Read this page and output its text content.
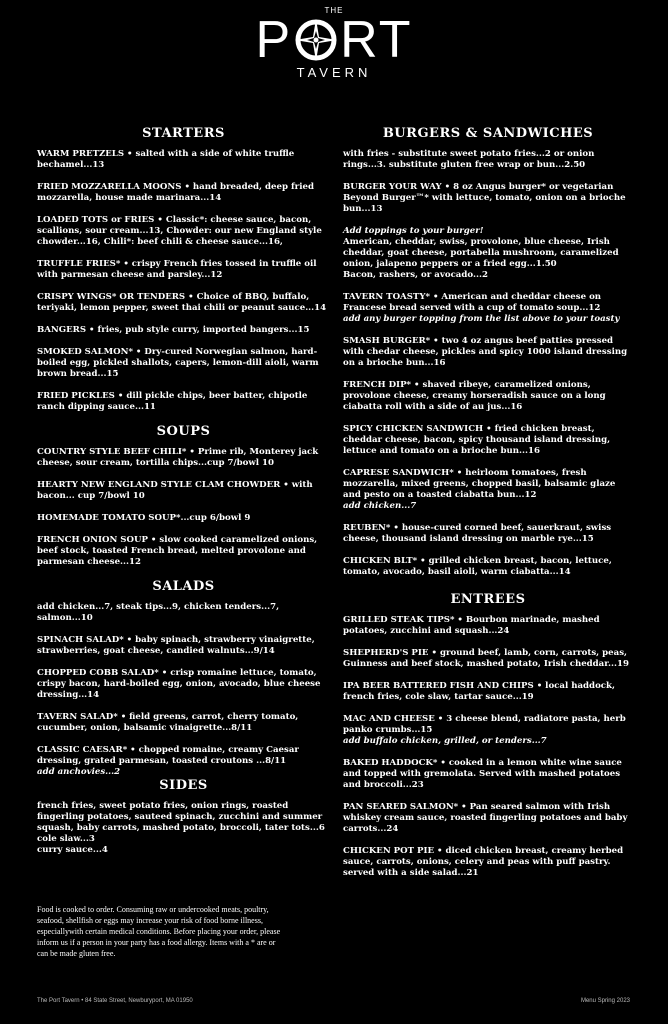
THE
P RT
TAVERN
STARTERS
WARM PRETZELS • salted with a side of white truffle bechamel...13
FRIED MOZZARELLA MOONS • hand breaded, deep fried mozzarella, house made marinara...14
LOADED TOTS or FRIES • Classic*: cheese sauce, bacon, scallions, sour cream...13, Chowder: our new England style chowder...16, Chili*: beef chili & cheese sauce...16,
TRUFFLE FRIES* • crispy French fries tossed in truffle oil with parmesan cheese and parsley...12
CRISPY WINGS* OR TENDERS • Choice of BBQ, buffalo, teriyaki, lemon pepper, sweet thai chili or peanut sauce...14
BANGERS • fries, pub style curry, imported bangers...15
SMOKED SALMON* • Dry-cured Norwegian salmon, hard-boiled egg, pickled shallots, capers, lemon-dill aioli, warm brown bread...15
FRIED PICKLES • dill pickle chips, beer batter, chipotle ranch dipping sauce...11
SOUPS
COUNTRY STYLE BEEF CHILI* • Prime rib, Monterey jack cheese, sour cream, tortilla chips...cup 7/bowl 10
HEARTY NEW ENGLAND STYLE CLAM CHOWDER • with bacon... cup 7/bowl 10
HOMEMADE TOMATO SOUP*...cup 6/bowl 9
FRENCH ONION SOUP • slow cooked caramelized onions, beef stock, toasted French bread, melted provolone and parmesan cheese...12
SALADS
add chicken...7, steak tips...9, chicken tenders...7, salmon...10
SPINACH SALAD* • baby spinach, strawberry vinaigrette, strawberries, goat cheese, candied walnuts...9/14
CHOPPED COBB SALAD* • crisp romaine lettuce, tomato, crispy bacon, hard-boiled egg, onion, avocado, blue cheese dressing...14
TAVERN SALAD* • field greens, carrot, cherry tomato, cucumber, onion, balsamic vinaigrette...8/11
CLASSIC CAESAR* • chopped romaine, creamy Caesar dressing, grated parmesan, toasted croutons ...8/11
add anchovies...2
SIDES
french fries, sweet potato fries, onion rings, roasted fingerling potatoes, sauteed spinach, zucchini and summer squash, baby carrots, mashed potato, broccoli, tater tots...6
cole slaw...3
curry sauce...4
Food is cooked to order. Consuming raw or undercooked meats, poultry, seafood, shellfish or eggs may increase your risk of food borne illness, especiallywith certain medical conditions. Before placing your order, please inform us if a person in your party has a food allergy. Items with a * are or can be made gluten free.
BURGERS & SANDWICHES
with fries - substitute sweet potato fries...2 or onion rings...3. substitute gluten free wrap or bun...2.50
BURGER YOUR WAY • 8 oz Angus burger* or vegetarian Beyond Burger™* with lettuce, tomato, onion on a brioche bun...13
Add toppings to your burger!
American, cheddar, swiss, provolone, blue cheese, Irish cheddar, goat cheese, portabella mushroom, caramelized onion, jalapeno peppers or a fried egg...1.50
Bacon, rashers, or avocado...2
TAVERN TOASTY* • American and cheddar cheese on Francese bread served with a cup of tomato soup...12
add any burger topping from the list above to your toasty
SMASH BURGER* • two 4 oz angus beef patties pressed with chedar cheese, pickles and spicy 1000 island dressing on a brioche bun...16
FRENCH DIP* • shaved ribeye, caramelized onions, provolone cheese, creamy horseradish sauce on a long ciabatta roll with a side of au jus...16
SPICY CHICKEN SANDWICH • fried chicken breast, cheddar cheese, bacon, spicy thousand island dressing, lettuce and tomato on a brioche bun...16
CAPRESE SANDWICH* • heirloom tomatoes, fresh mozzarella, mixed greens, chopped basil, balsamic glaze and pesto on a toasted ciabatta bun...12
add chicken...7
REUBEN* • house-cured corned beef, sauerkraut, swiss cheese, thousand island dressing on marble rye...15
CHICKEN BLT* • grilled chicken breast, bacon, lettuce, tomato, avocado, basil aioli, warm ciabatta...14
ENTREES
GRILLED STEAK TIPS* • Bourbon marinade, mashed potatoes, zucchini and squash...24
SHEPHERD'S PIE • ground beef, lamb, corn, carrots, peas, Guinness and beef stock, mashed potato, Irish cheddar...19
IPA BEER BATTERED FISH AND CHIPS • local haddock, french fries, cole slaw, tartar sauce...19
MAC AND CHEESE • 3 cheese blend, radiatore pasta, herb panko crumbs...15
add buffalo chicken, grilled, or tenders...7
BAKED HADDOCK* • cooked in a lemon white wine sauce and topped with gremolata. Served with mashed potatoes and broccoli...23
PAN SEARED SALMON* • Pan seared salmon with Irish whiskey cream sauce, roasted fingerling potatoes and baby carrots...24
CHICKEN POT PIE • diced chicken breast, creamy herbed sauce, carrots, onions, celery and peas with puff pastry. served with a side salad...21
The Port Tavern • 84 State Street, Newburyport, MA 01950	Menu Spring 2023
